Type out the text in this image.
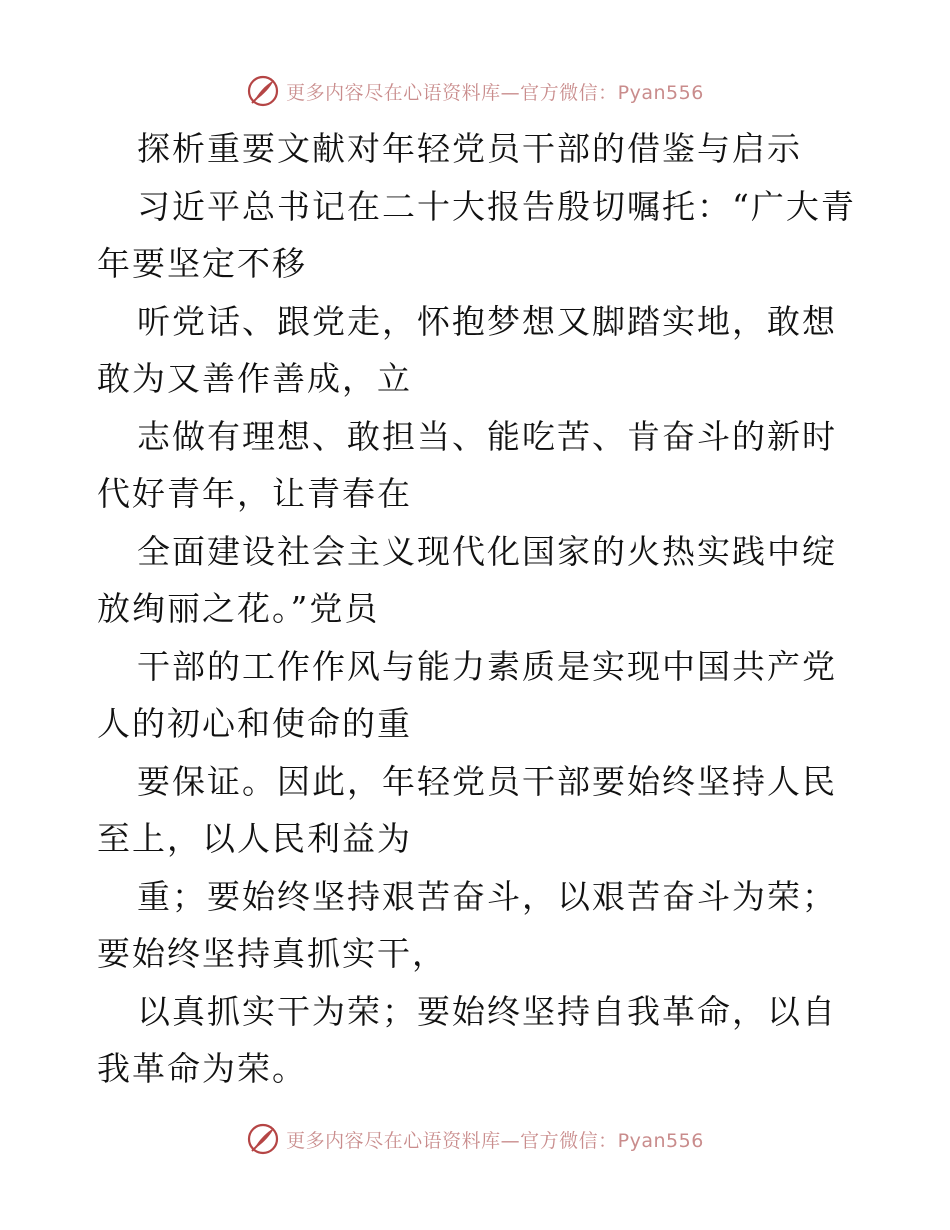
更多内容尽在心语资料库—官方微信：Pyan556

探析重要文献对年轻党员干部的借鉴与启示

习近平总书记在二十大报告殷切嘱托：“广大青年要坚定不移

听党话、跟党走，怀抱梦想又脚踏实地，敢想敢为又善作善成，立

志做有理想、敢担当、能吃苦、肯奋斗的新时代好青年，让青春在

全面建设社会主义现代化国家的火热实践中绽放绚丽之花。”党员

干部的工作作风与能力素质是实现中国共产党人的初心和使命的重

要保证。因此，年轻党员干部要始终坚持人民至上，以人民利益为

重；要始终坚持艰苦奋斗，以艰苦奋斗为荣；要始终坚持真抓实干，

以真抓实干为荣；要始终坚持自我革命，以自我革命为荣。

更多内容尽在心语资料库—官方微信：Pyan556
